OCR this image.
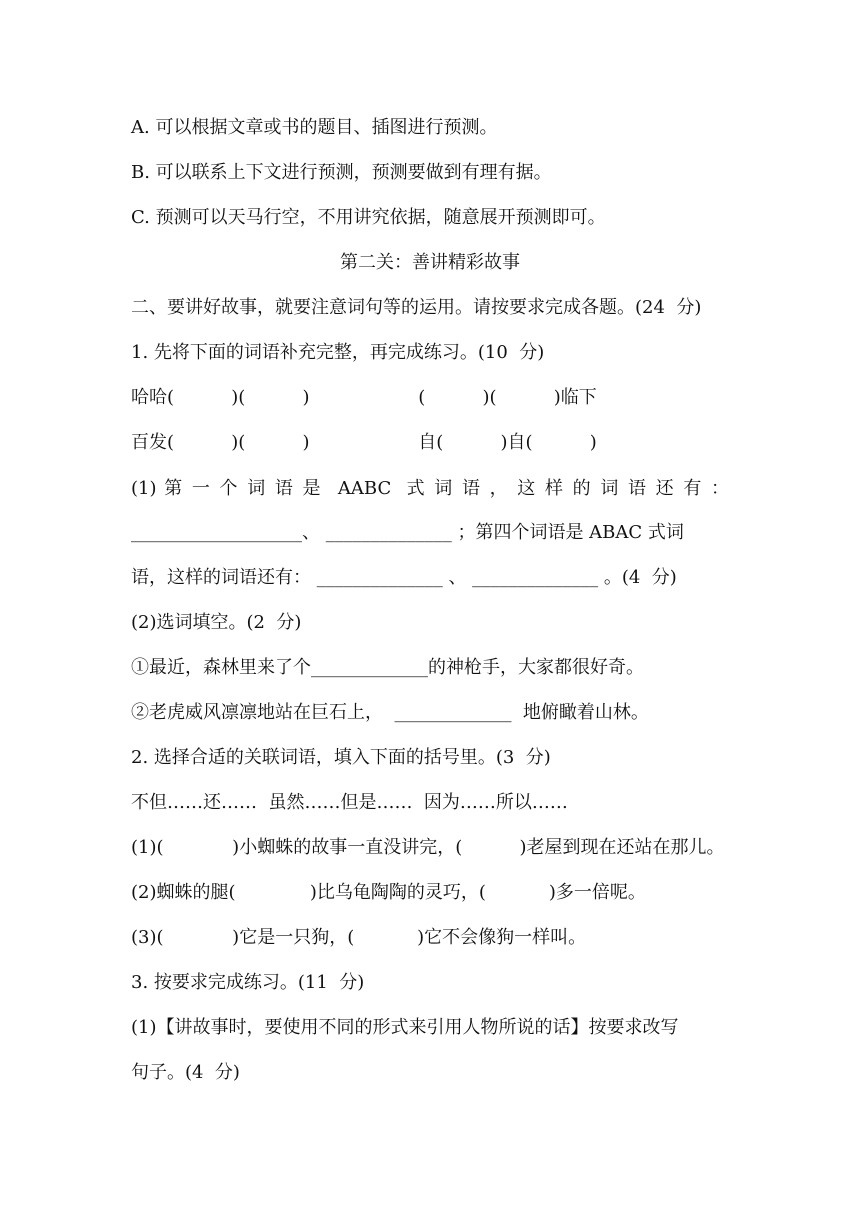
A. 可以根据文章或书的题目、插图进行预测。
B. 可以联系上下文进行预测，预测要做到有理有据。
C. 预测可以天马行空，不用讲究依据，随意展开预测即可。
第二关：善讲精彩故事
二、要讲好故事，就要注意词句等的运用。请按要求完成各题。(24  分)
1. 先将下面的词语补充完整，再完成练习。(10  分)
哈哈(          )(          )                   (          )(          )临下
百发(          )(          )                   自(          )自(          )
(1) 第 一 个 词 语 是  AABC  式 词 语 ， 这 样 的 词 语 还 有 ：
___________________、 ______________ ；第四个词语是 ABAC 式词
语，这样的词语还有： ______________ 、 ______________ 。(4  分)
(2)选词填空。(2  分)
①最近，森林里来了个_____________的神枪手，大家都很好奇。
②老虎威风凛凛地站在巨石上，  _____________  地俯瞰着山林。
2. 选择合适的关联词语，填入下面的括号里。(3  分)
不但……还……  虽然……但是……  因为……所以……
(1)(            )小蜘蛛的故事一直没讲完，(          )老屋到现在还站在那儿。
(2)蜘蛛的腿(             )比乌龟陶陶的灵巧，(           )多一倍呢。
(3)(            )它是一只狗，(           )它不会像狗一样叫。
3. 按要求完成练习。(11  分)
(1)【讲故事时，要使用不同的形式来引用人物所说的话】按要求改写
句子。(4  分)
